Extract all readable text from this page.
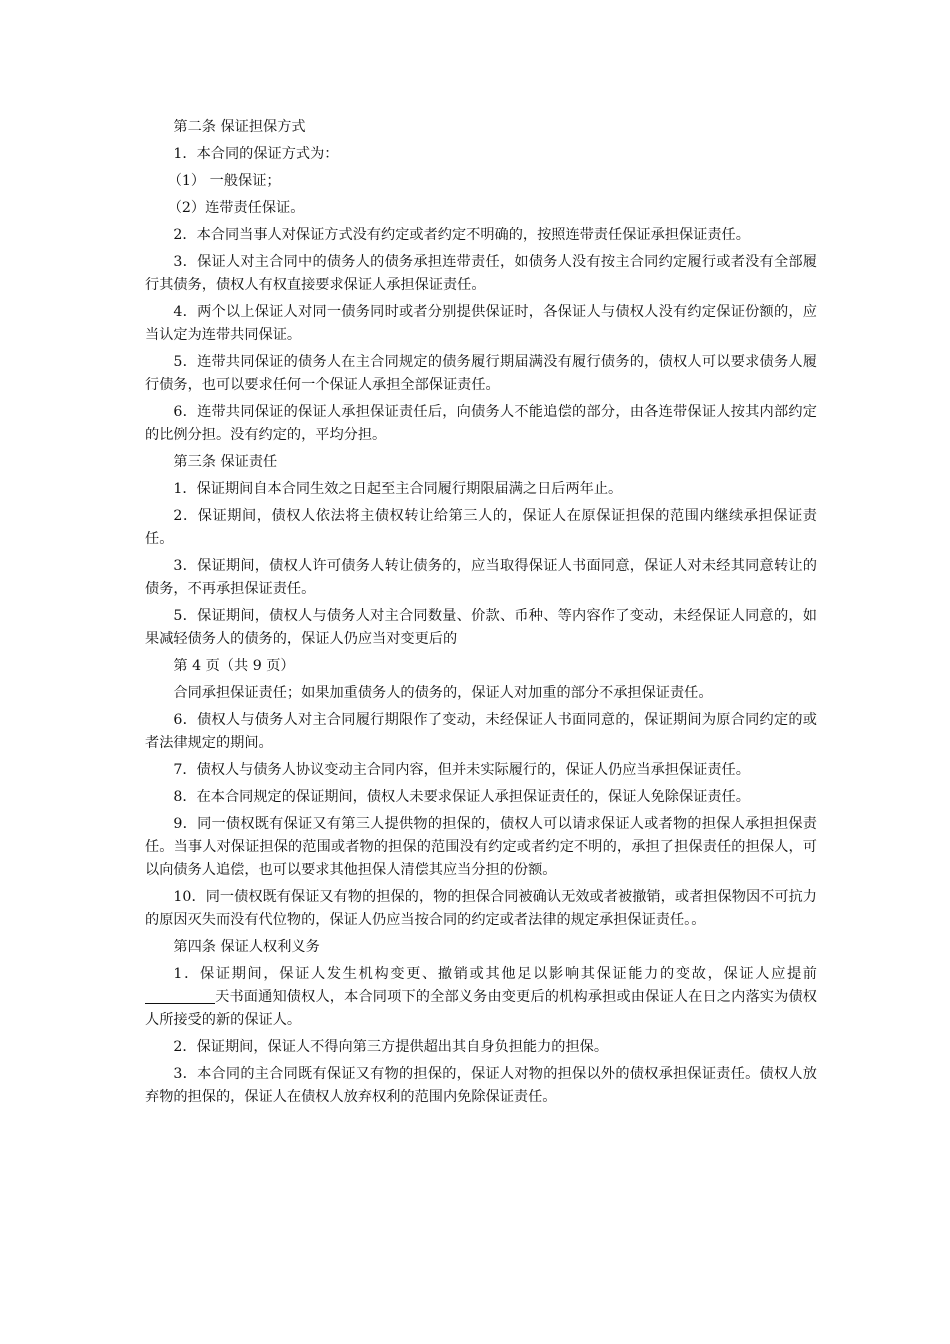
第二条 保证担保方式
1．本合同的保证方式为：
（1） 一般保证；
（2）连带责任保证。
2．本合同当事人对保证方式没有约定或者约定不明确的，按照连带责任保证承担保证责任。
3．保证人对主合同中的债务人的债务承担连带责任，如债务人没有按主合同约定履行或者没有全部履行其债务，债权人有权直接要求保证人承担保证责任。
4．两个以上保证人对同一债务同时或者分别提供保证时，各保证人与债权人没有约定保证份额的，应当认定为连带共同保证。
5．连带共同保证的债务人在主合同规定的债务履行期届满没有履行债务的，债权人可以要求债务人履行债务，也可以要求任何一个保证人承担全部保证责任。
6．连带共同保证的保证人承担保证责任后，向债务人不能追偿的部分，由各连带保证人按其内部约定的比例分担。没有约定的，平均分担。
第三条 保证责任
1．保证期间自本合同生效之日起至主合同履行期限届满之日后两年止。
2．保证期间，债权人依法将主债权转让给第三人的，保证人在原保证担保的范围内继续承担保证责任。
3．保证期间，债权人许可债务人转让债务的，应当取得保证人书面同意，保证人对未经其同意转让的债务，不再承担保证责任。
5．保证期间，债权人与债务人对主合同数量、价款、币种、等内容作了变动，未经保证人同意的，如果减轻债务人的债务的，保证人仍应当对变更后的
第 4 页（共 9 页）
合同承担保证责任；如果加重债务人的债务的，保证人对加重的部分不承担保证责任。
6．债权人与债务人对主合同履行期限作了变动，未经保证人书面同意的，保证期间为原合同约定的或者法律规定的期间。
7．债权人与债务人协议变动主合同内容，但并未实际履行的，保证人仍应当承担保证责任。
8．在本合同规定的保证期间，债权人未要求保证人承担保证责任的，保证人免除保证责任。
9．同一债权既有保证又有第三人提供物的担保的，债权人可以请求保证人或者物的担保人承担担保责任。当事人对保证担保的范围或者物的担保的范围没有约定或者约定不明的，承担了担保责任的担保人，可以向债务人追偿，也可以要求其他担保人清偿其应当分担的份额。
10．同一债权既有保证又有物的担保的，物的担保合同被确认无效或者被撤销，或者担保物因不可抗力的原因灭失而没有代位物的，保证人仍应当按合同的约定或者法律的规定承担保证责任。。
第四条 保证人权利义务
1．保证期间，保证人发生机构变更、撤销或其他足以影响其保证能力的变故，保证人应提前天书面通知债权人，本合同项下的全部义务由变更后的机构承担或由保证人在日之内落实为债权人所接受的新的保证人。
2．保证期间，保证人不得向第三方提供超出其自身负担能力的担保。
3．本合同的主合同既有保证又有物的担保的，保证人对物的担保以外的债权承担保证责任。债权人放弃物的担保的，保证人在债权人放弃权利的范围内免除保证责任。
